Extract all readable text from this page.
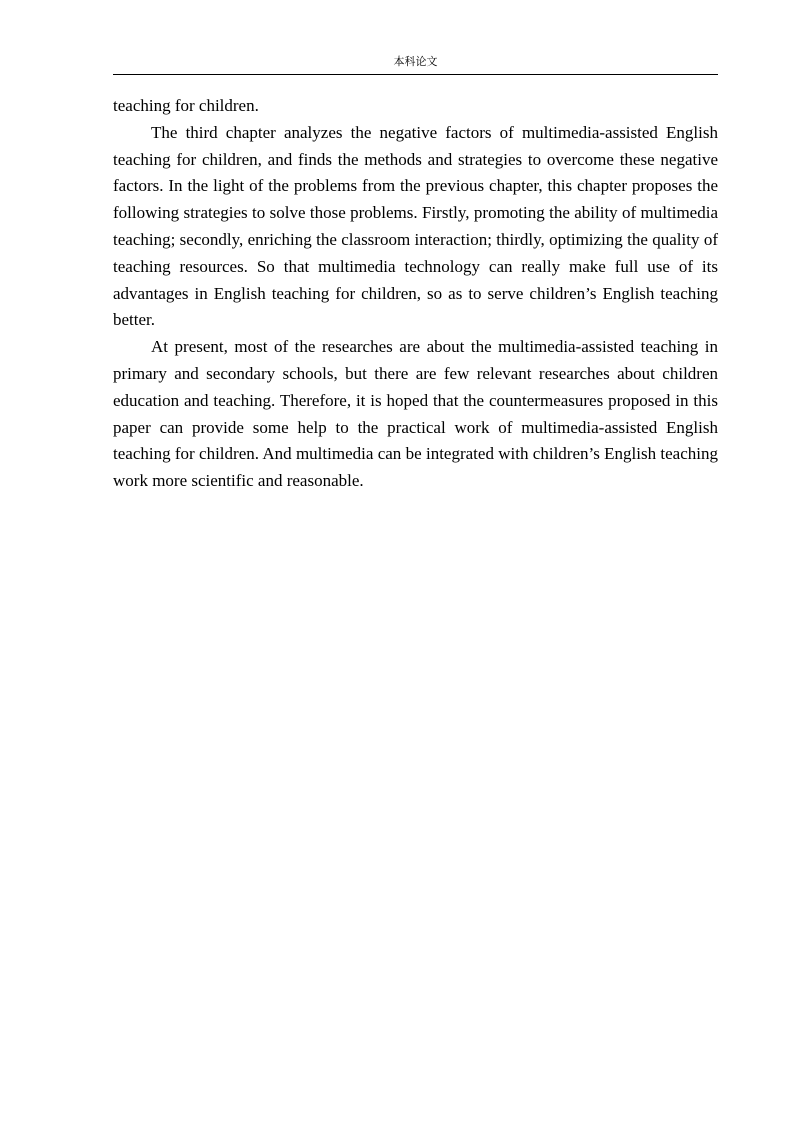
本科论文

teaching for children.

The third chapter analyzes the negative factors of multimedia-assisted English teaching for children, and finds the methods and strategies to overcome these negative factors. In the light of the problems from the previous chapter, this chapter proposes the following strategies to solve those problems. Firstly, promoting the ability of multimedia teaching; secondly, enriching the classroom interaction; thirdly, optimizing the quality of teaching resources. So that multimedia technology can really make full use of its advantages in English teaching for children, so as to serve children’s English teaching better.

At present, most of the researches are about the multimedia-assisted teaching in primary and secondary schools, but there are few relevant researches about children education and teaching. Therefore, it is hoped that the countermeasures proposed in this paper can provide some help to the practical work of multimedia-assisted English teaching for children. And multimedia can be integrated with children’s English teaching work more scientific and reasonable.
